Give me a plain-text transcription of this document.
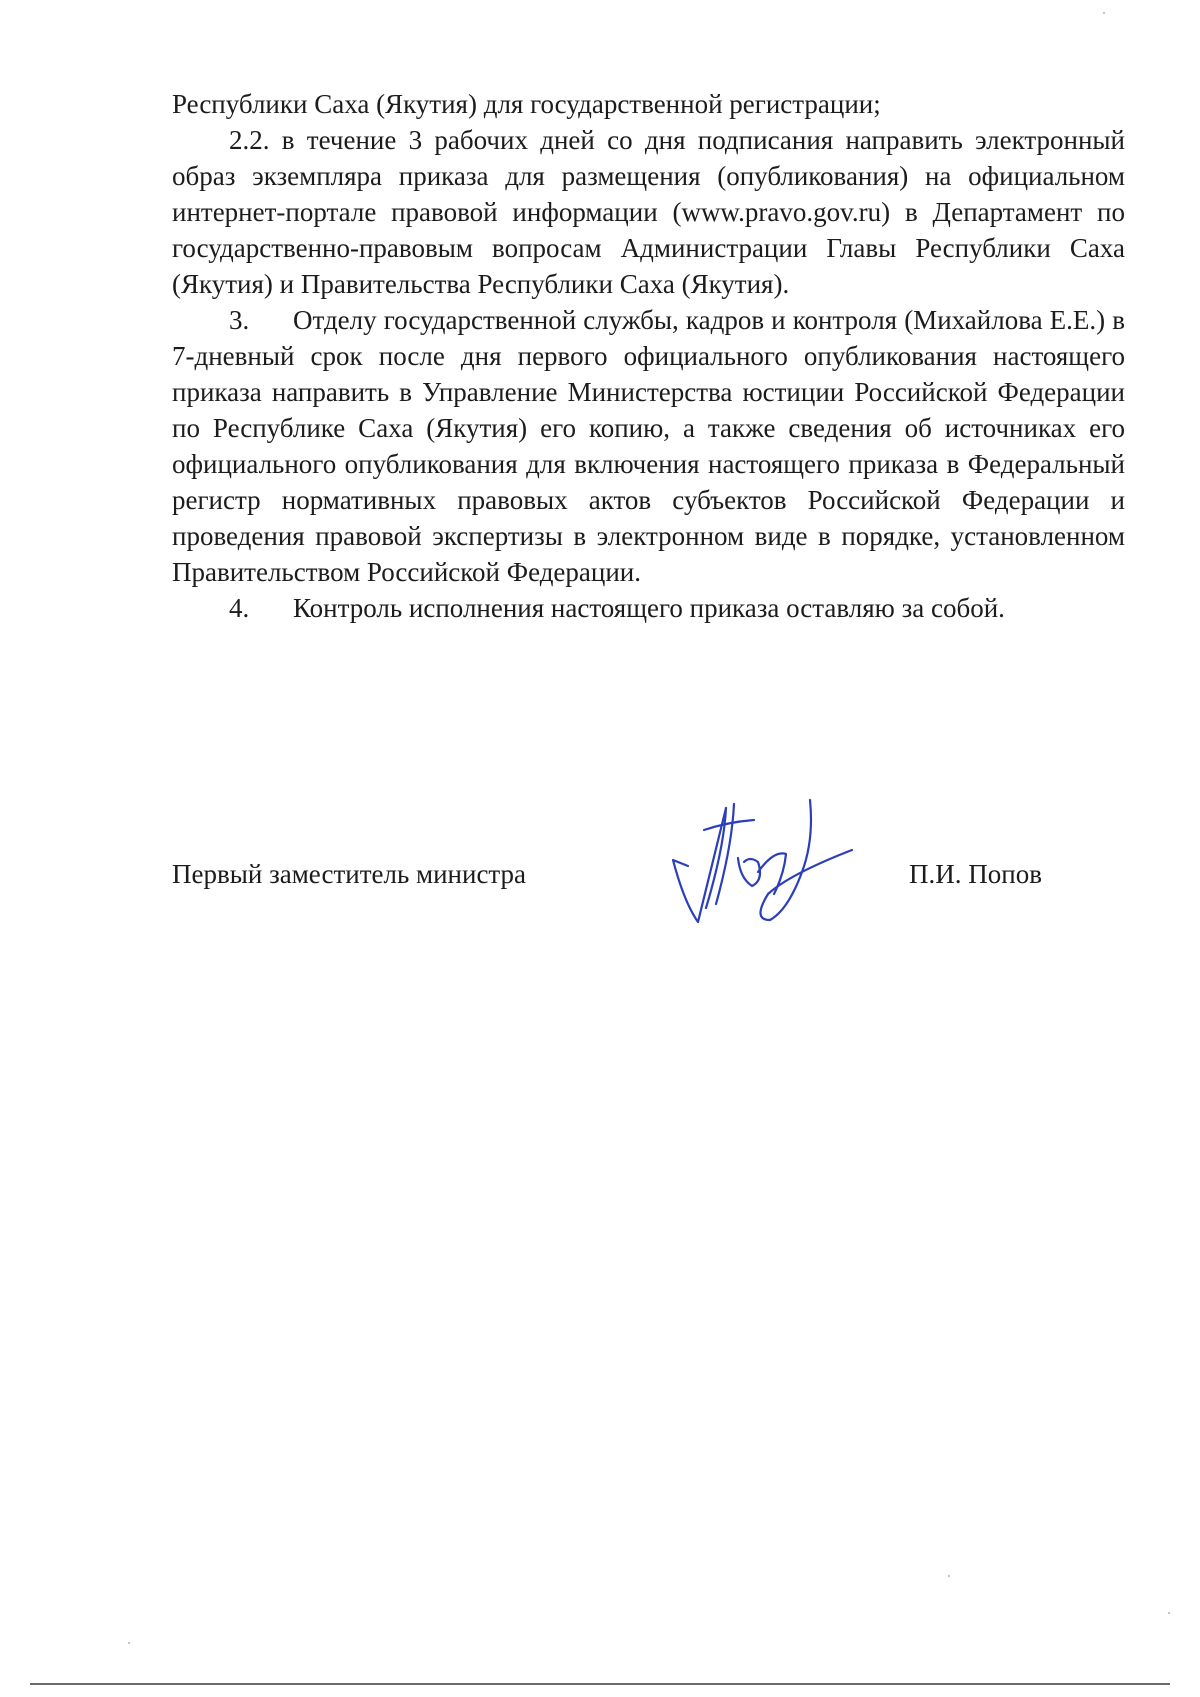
Республики Саха (Якутия) для государственной регистрации;

2.2. в течение 3 рабочих дней со дня подписания направить электронный образ экземпляра приказа для размещения (опубликования) на официальном интернет-портале правовой информации (www.pravo.gov.ru) в Департамент по государственно-правовым вопросам Администрации Главы Республики Саха (Якутия) и Правительства Республики Саха (Якутия).

3. Отделу государственной службы, кадров и контроля (Михайлова Е.Е.) в 7-дневный срок после дня первого официального опубликования настоящего приказа направить в Управление Министерства юстиции Российской Федерации по Республике Саха (Якутия) его копию, а также сведения об источниках его официального опубликования для включения настоящего приказа в Федеральный регистр нормативных правовых актов субъектов Российской Федерации и проведения правовой экспертизы в электронном виде в порядке, установленном Правительством Российской Федерации.

4. Контроль исполнения настоящего приказа оставляю за собой.

Первый заместитель министра	П.И. Попов
